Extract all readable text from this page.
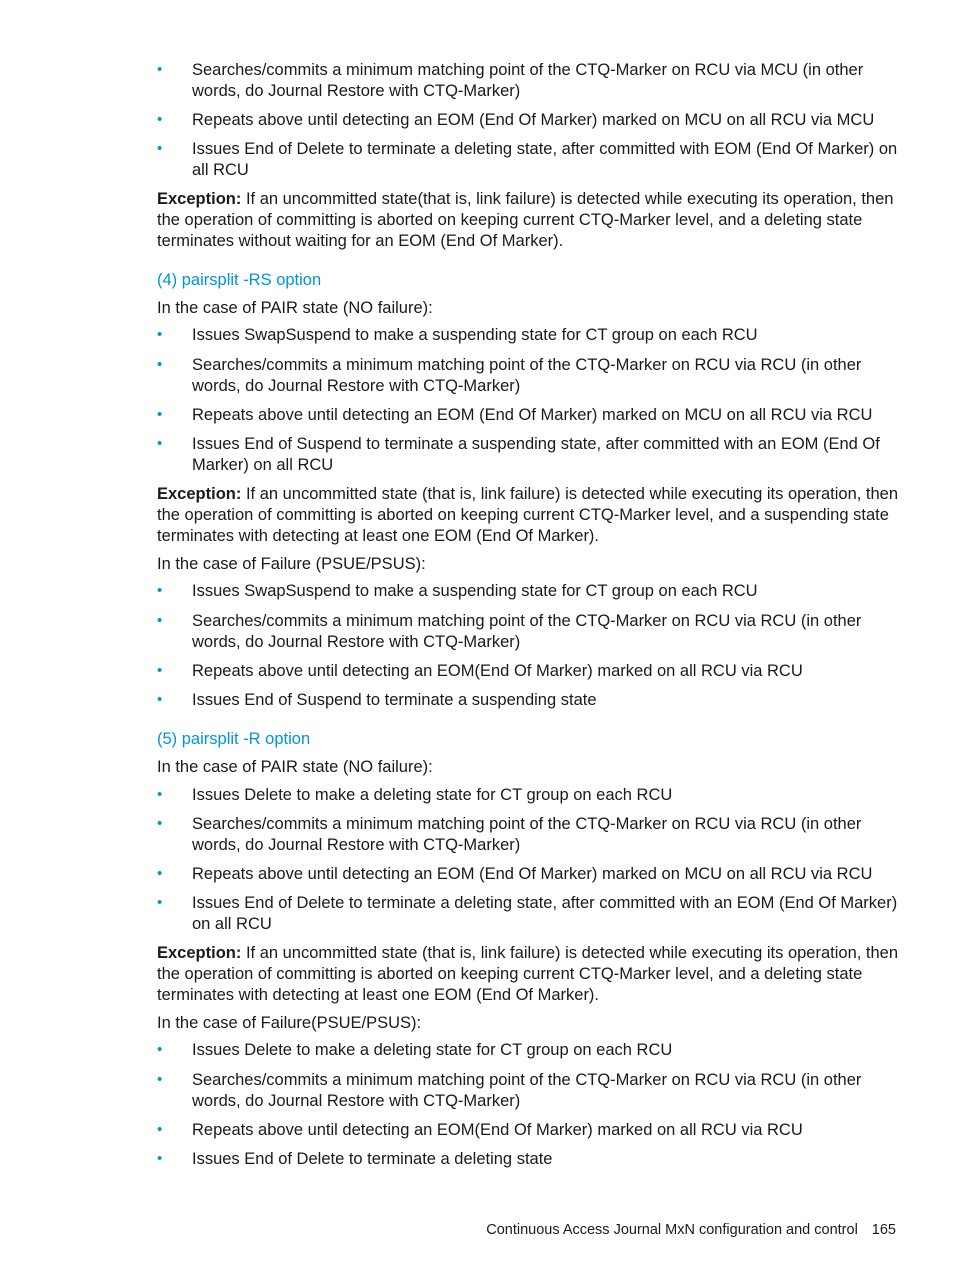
• Searches/commits a minimum matching point of the CTQ-Marker on RCU via MCU (in other words, do Journal Restore with CTQ-Marker)
• Repeats above until detecting an EOM (End Of Marker) marked on MCU on all RCU via MCU
• Issues End of Delete to terminate a deleting state, after committed with EOM (End Of Marker) on all RCU

Exception: If an uncommitted state(that is, link failure) is detected while executing its operation, then the operation of committing is aborted on keeping current CTQ-Marker level, and a deleting state terminates without waiting for an EOM (End Of Marker).

(4) pairsplit -RS option

In the case of PAIR state (NO failure):

• Issues SwapSuspend to make a suspending state for CT group on each RCU
• Searches/commits a minimum matching point of the CTQ-Marker on RCU via RCU (in other words, do Journal Restore with CTQ-Marker)
• Repeats above until detecting an EOM (End Of Marker) marked on MCU on all RCU via RCU
• Issues End of Suspend to terminate a suspending state, after committed with an EOM (End Of Marker) on all RCU

Exception: If an uncommitted state (that is, link failure) is detected while executing its operation, then the operation of committing is aborted on keeping current CTQ-Marker level, and a suspending state terminates with detecting at least one EOM (End Of Marker).

In the case of Failure (PSUE/PSUS):

• Issues SwapSuspend to make a suspending state for CT group on each RCU
• Searches/commits a minimum matching point of the CTQ-Marker on RCU via RCU (in other words, do Journal Restore with CTQ-Marker)
• Repeats above until detecting an EOM(End Of Marker) marked on all RCU via RCU
• Issues End of Suspend to terminate a suspending state

(5) pairsplit -R option

In the case of PAIR state (NO failure):

• Issues Delete to make a deleting state for CT group on each RCU
• Searches/commits a minimum matching point of the CTQ-Marker on RCU via RCU (in other words, do Journal Restore with CTQ-Marker)
• Repeats above until detecting an EOM (End Of Marker) marked on MCU on all RCU via RCU
• Issues End of Delete to terminate a deleting state, after committed with an EOM (End Of Marker) on all RCU

Exception: If an uncommitted state (that is, link failure) is detected while executing its operation, then the operation of committing is aborted on keeping current CTQ-Marker level, and a deleting state terminates with detecting at least one EOM (End Of Marker).

In the case of Failure(PSUE/PSUS):

• Issues Delete to make a deleting state for CT group on each RCU
• Searches/commits a minimum matching point of the CTQ-Marker on RCU via RCU (in other words, do Journal Restore with CTQ-Marker)
• Repeats above until detecting an EOM(End Of Marker) marked on all RCU via RCU
• Issues End of Delete to terminate a deleting state
Continuous Access Journal MxN configuration and control 165
